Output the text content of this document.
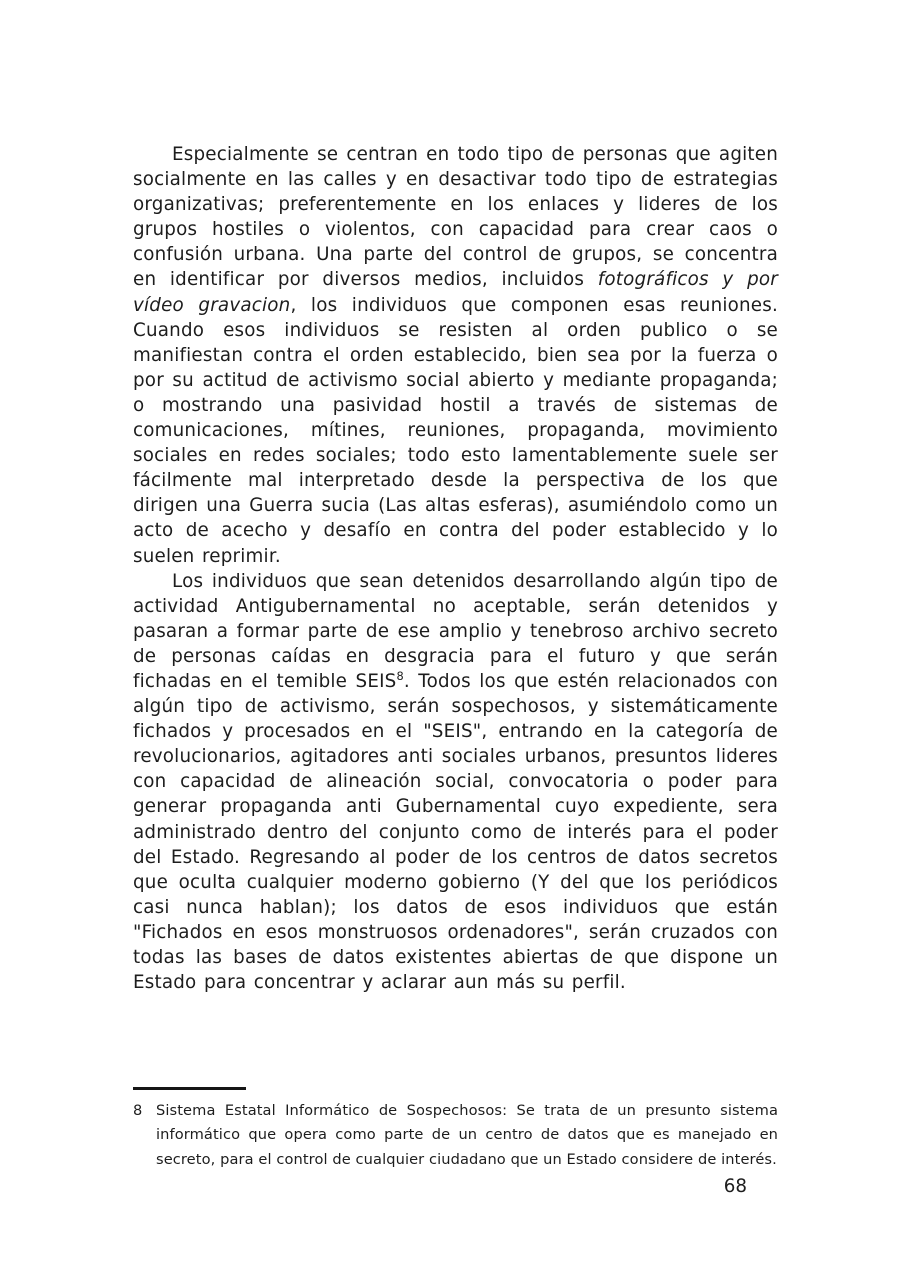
Especialmente se centran en todo tipo de personas que agiten socialmente en las calles y en desactivar todo tipo de estrategias organizativas; preferentemente en los enlaces y lideres de los grupos hostiles o violentos, con capacidad para crear caos o confusión urbana. Una parte del control de grupos, se concentra en identificar por diversos medios, incluidos fotográficos y por vídeo gravacion, los individuos que componen esas reuniones. Cuando esos individuos se resisten al orden publico o se manifiestan contra el orden establecido, bien sea por la fuerza o por su actitud de activismo social abierto y mediante propaganda; o mostrando una pasividad hostil a través de sistemas de comunicaciones, mítines, reuniones, propaganda, movimiento sociales en redes sociales; todo esto lamentablemente suele ser fácilmente mal interpretado desde la perspectiva de los que dirigen una Guerra sucia (Las altas esferas), asumiéndolo como un acto de acecho y desafío en contra del poder establecido y lo suelen reprimir.

Los individuos que sean detenidos desarrollando algún tipo de actividad Antigubernamental no aceptable, serán detenidos y pasaran a formar parte de ese amplio y tenebroso archivo secreto de personas caídas en desgracia para el futuro y que serán fichadas en el temible SEIS$^8$. Todos los que estén relacionados con algún tipo de activismo, serán sospechosos, y sistemáticamente fichados y procesados en el "SEIS", entrando en la categoría de revolucionarios, agitadores anti sociales urbanos, presuntos lideres con capacidad de alineación social, convocatoria o poder para generar propaganda anti Gubernamental cuyo expediente, sera administrado dentro del conjunto como de interés para el poder del Estado. Regresando al poder de los centros de datos secretos que oculta cualquier moderno gobierno (Y del que los periódicos casi nunca hablan); los datos de esos individuos que están "Fichados en esos monstruosos ordenadores", serán cruzados con todas las bases de datos existentes abiertas de que dispone un Estado para concentrar y aclarar aun más su perfil.

8 Sistema Estatal Informático de Sospechosos: Se trata de un presunto sistema informático que opera como parte de un centro de datos que es manejado en secreto, para el control de cualquier ciudadano que un Estado considere de interés.
68
